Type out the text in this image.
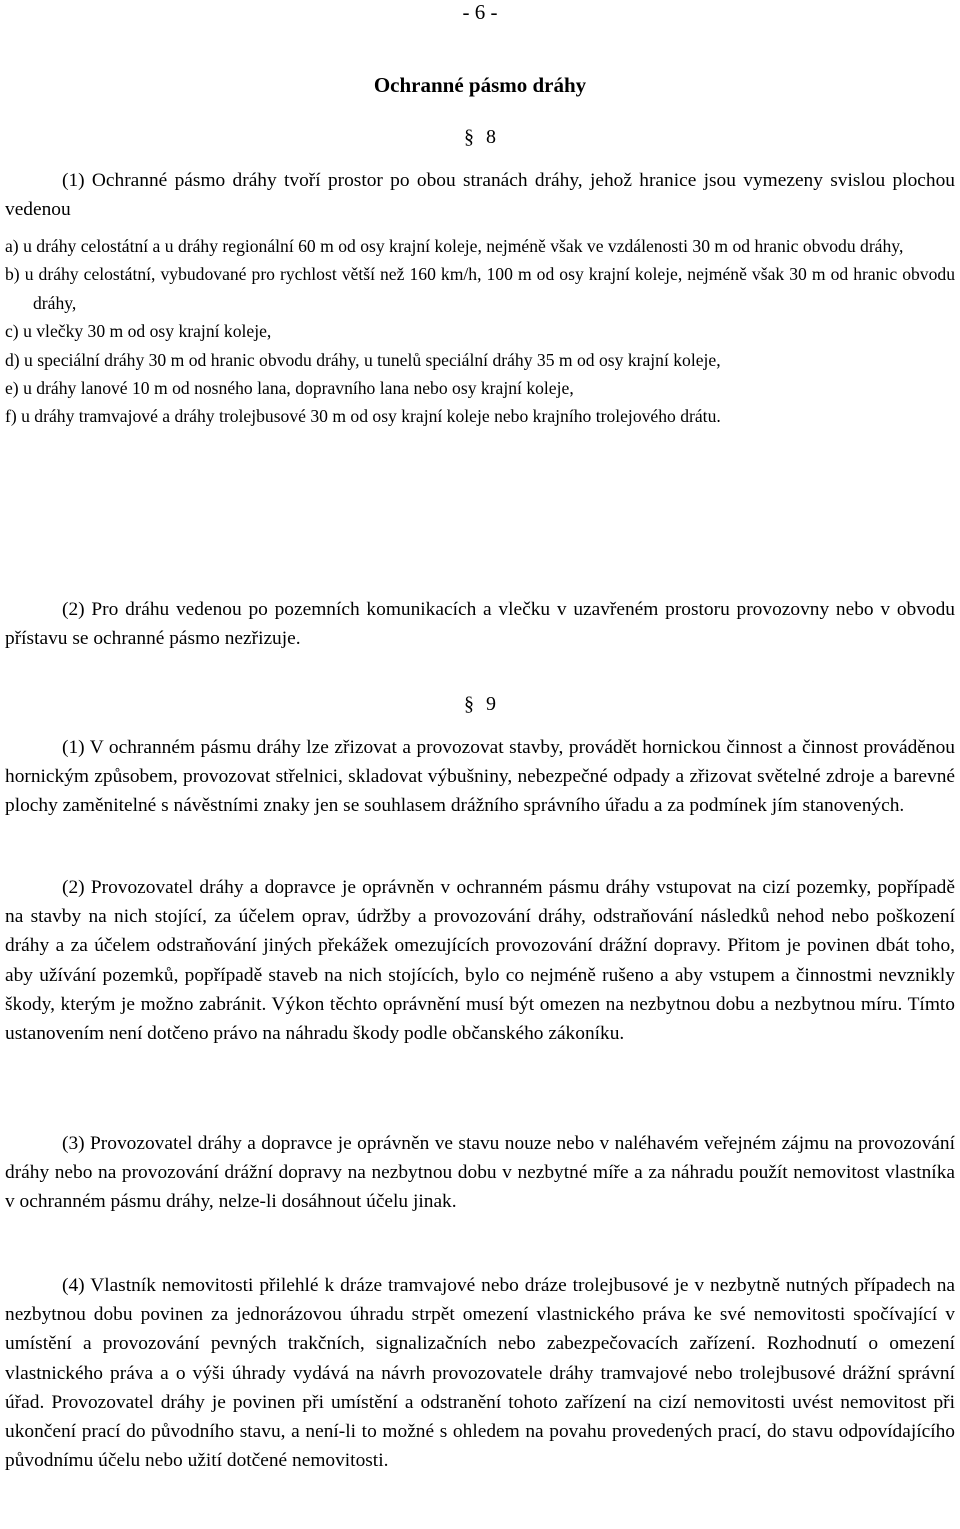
- 6 -
Ochranné pásmo dráhy
§ 8

(1) Ochranné pásmo dráhy tvoří prostor po obou stranách dráhy, jehož hranice jsou vymezeny svislou plochou vedenou

a) u dráhy celostátní a u dráhy regionální 60 m od osy krajní koleje, nejméně však ve vzdálenosti 30 m od hranic obvodu dráhy,
b) u dráhy celostátní, vybudované pro rychlost větší než 160 km/h, 100 m od osy krajní koleje, nejméně však 30 m od hranic obvodu dráhy,
c) u vlečky 30 m od osy krajní koleje,
d) u speciální dráhy 30 m od hranic obvodu dráhy, u tunelů speciální dráhy 35 m od osy krajní koleje,
e) u dráhy lanové 10 m od nosného lana, dopravního lana nebo osy krajní koleje,
f) u dráhy tramvajové a dráhy trolejbusové 30 m od osy krajní koleje nebo krajního trolejového drátu.

(2) Pro dráhu vedenou po pozemních komunikacích a vlečku v uzavřeném prostoru provozovny nebo v obvodu přístavu se ochranné pásmo nezřizuje.

§ 9

(1) V ochranném pásmu dráhy lze zřizovat a provozovat stavby, provádět hornickou činnost a činnost prováděnou hornickým způsobem, provozovat střelnici, skladovat výbušniny, nebezpečné odpady a zřizovat světelné zdroje a barevné plochy zaměnitelné s návěstními znaky jen se souhlasem drážního správního úřadu a za podmínek jím stanovených.

(2) Provozovatel dráhy a dopravce je oprávněn v ochranném pásmu dráhy vstupovat na cizí pozemky, popřípadě na stavby na nich stojící, za účelem oprav, údržby a provozování dráhy, odstraňování následků nehod nebo poškození dráhy a za účelem odstraňování jiných překážek omezujících provozování drážní dopravy. Přitom je povinen dbát toho, aby užívání pozemků, popřípadě staveb na nich stojících, bylo co nejméně rušeno a aby vstupem a činnostmi nevznikly škody, kterým je možno zabránit. Výkon těchto oprávnění musí být omezen na nezbytnou dobu a nezbytnou míru. Tímto ustanovením není dotčeno právo na náhradu škody podle občanského zákoníku.

(3) Provozovatel dráhy a dopravce je oprávněn ve stavu nouze nebo v naléhavém veřejném zájmu na provozování dráhy nebo na provozování drážní dopravy na nezbytnou dobu v nezbytné míře a za náhradu použít nemovitost vlastníka v ochranném pásmu dráhy, nelze-li dosáhnout účelu jinak.

(4) Vlastník nemovitosti přilehlé k dráze tramvajové nebo dráze trolejbusové je v nezbytně nutných případech na nezbytnou dobu povinen za jednorázovou úhradu strpět omezení vlastnického práva ke své nemovitosti spočívající v umístění a provozování pevných trakčních, signalizačních nebo zabezpečovacích zařízení. Rozhodnutí o omezení vlastnického práva a o výši úhrady vydává na návrh provozovatele dráhy tramvajové nebo trolejbusové drážní správní úřad. Provozovatel dráhy je povinen při umístění a odstranění tohoto zařízení na cizí nemovitosti uvést nemovitost při ukončení prací do původního stavu, a není-li to možné s ohledem na povahu provedených prací, do stavu odpovídajícího původnímu účelu nebo užití dotčené nemovitosti.
